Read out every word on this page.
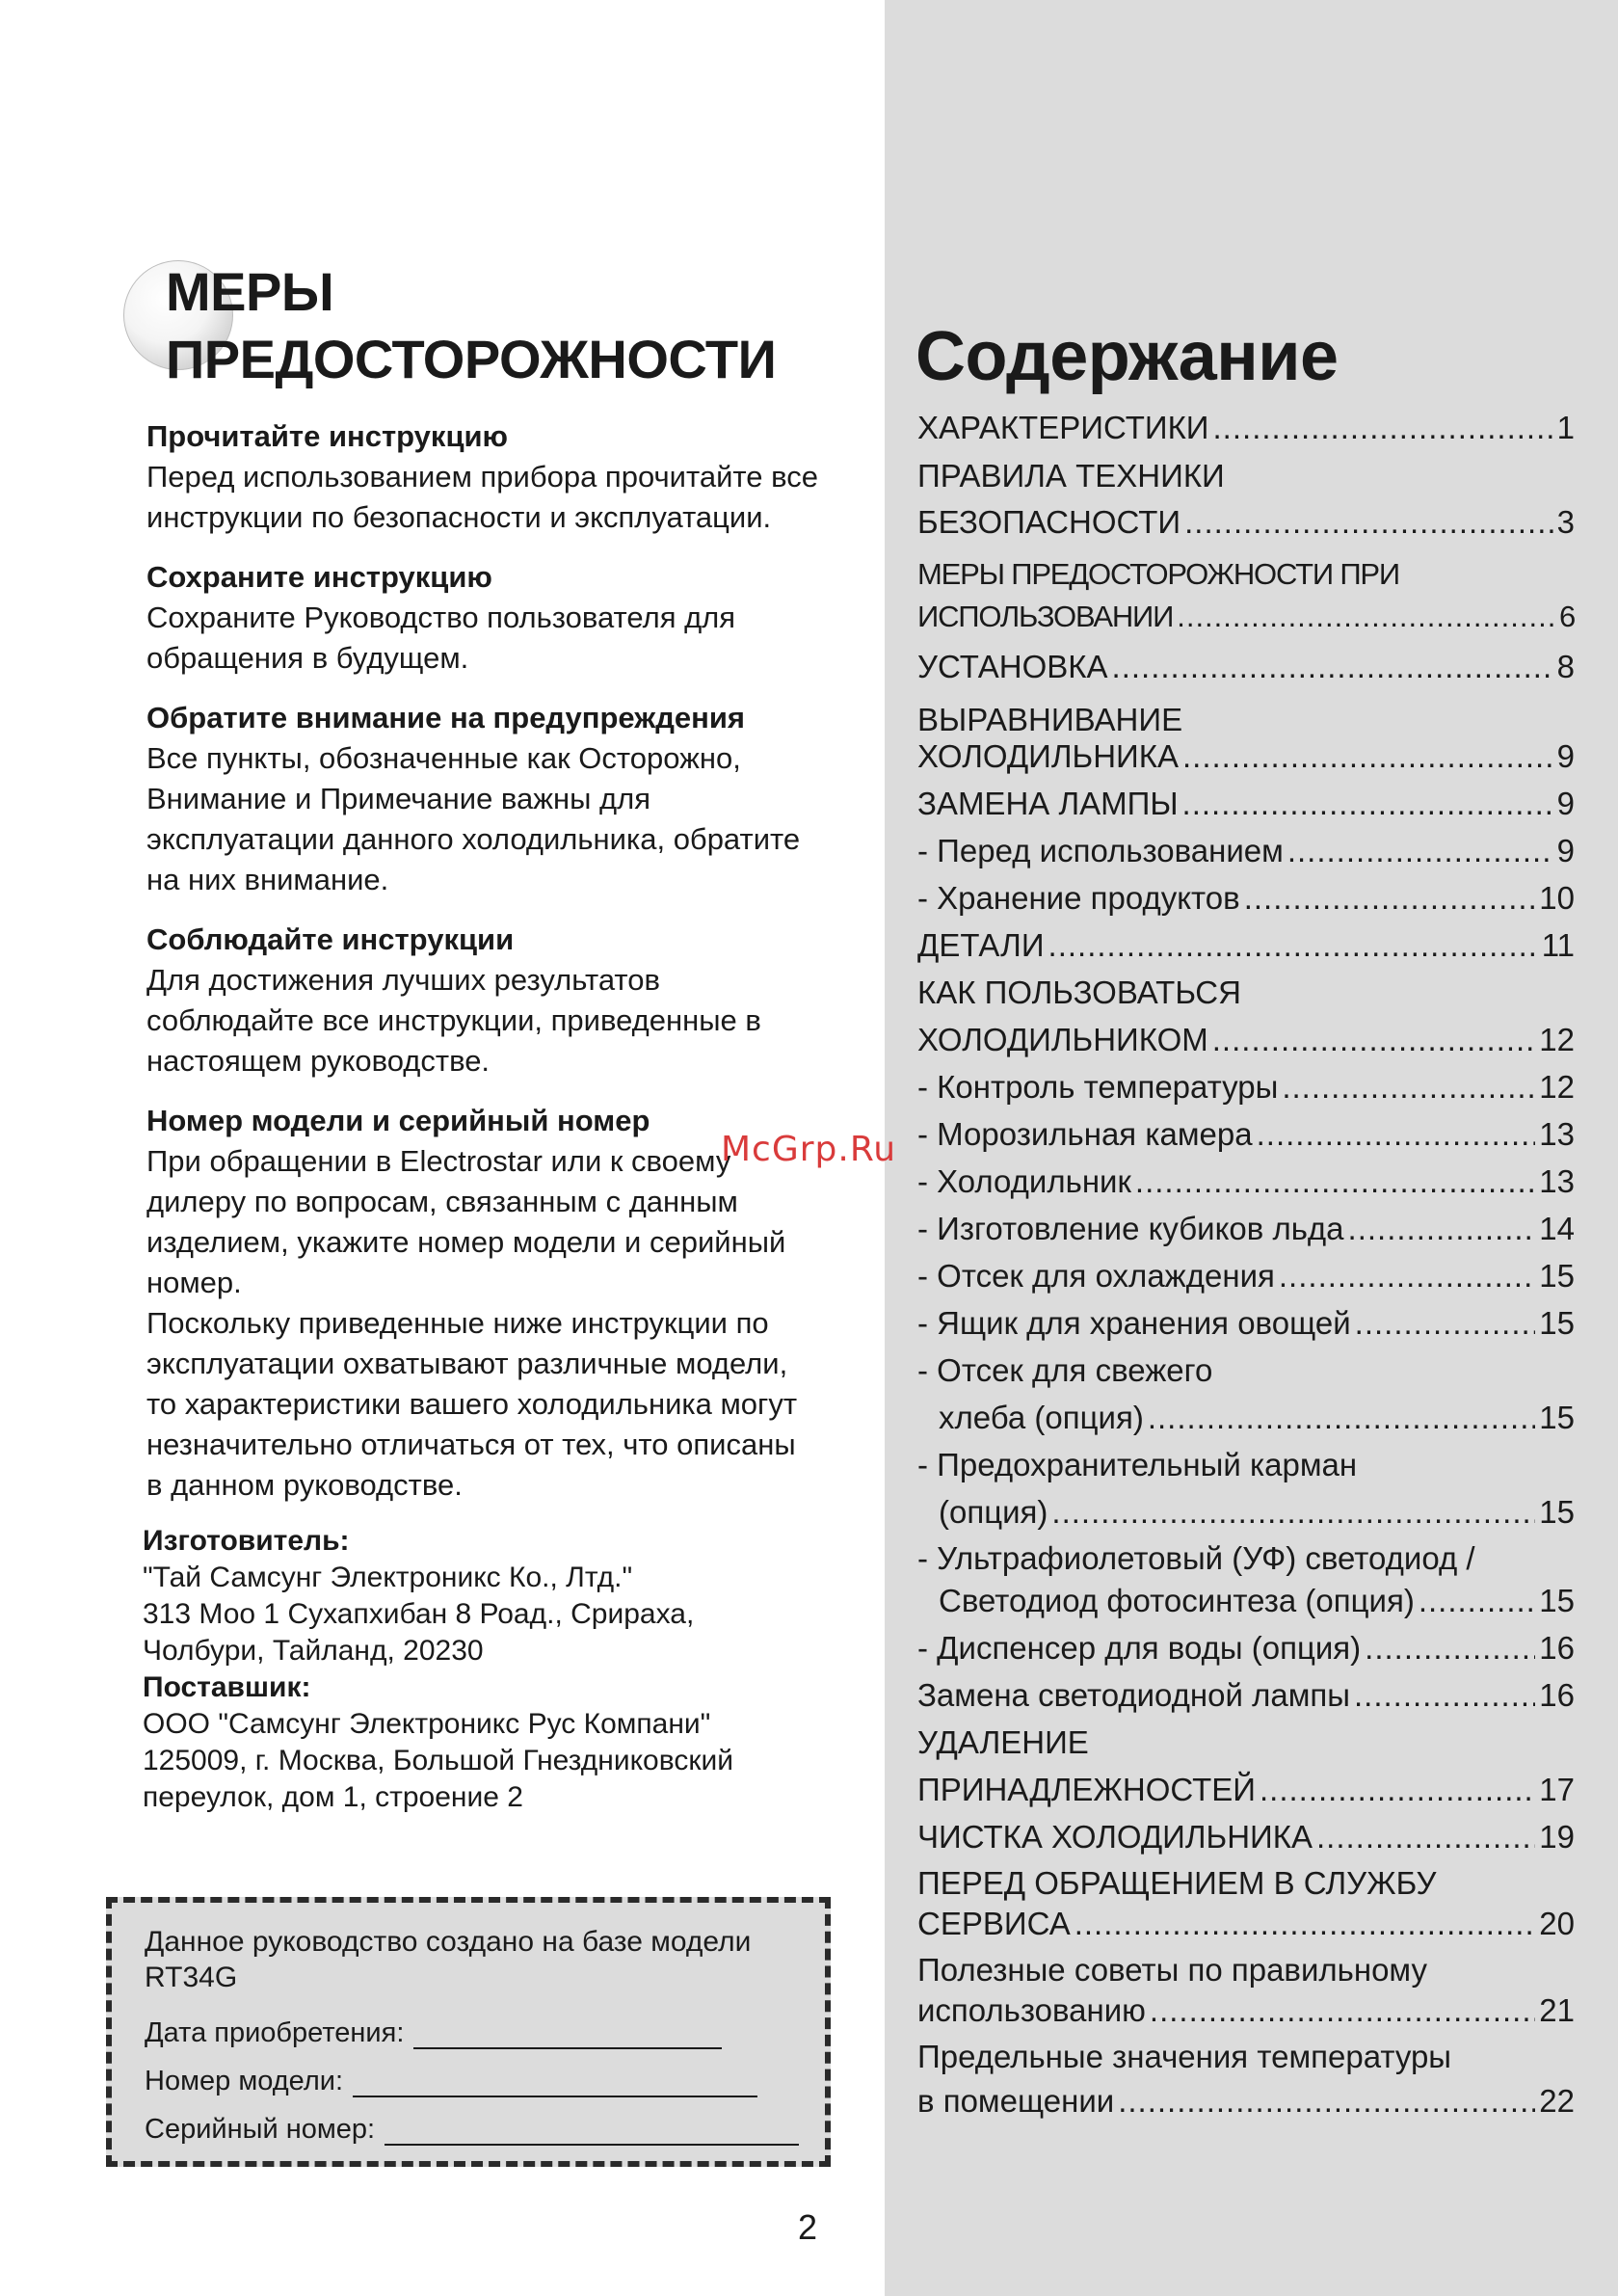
МЕРЫ
ПРЕДОСТОРОЖНОСТИ
Прочитайте инструкцию

Перед использованием прибора прочитайте все

инструкции по безопасности и эксплуатации.

Сохраните инструкцию

Сохраните Руководство пользователя для

обращения в будущем.

Обратите внимание на предупреждения

Все пункты, обозначенные как Осторожно,

Внимание и Примечание важны для

эксплуатации данного холодильника, обратите

на них внимание.

Соблюдайте инструкции

Для достижения лучших результатов

соблюдайте все инструкции, приведенные в

настоящем руководстве.

Номер модели и серийный номер

При обращении в Electrostar или к своему

дилеру по вопросам, связанным с данным

изделием, укажите номер модели и серийный

номер.

Поскольку приведенные ниже инструкции по

эксплуатации охватывают различные модели,

то характеристики вашего холодильника могут

незначительно отличаться от тех, что описаны

в данном руководстве.

Изготовитель:
"Тай Самсунг Электроникс Ко., Лтд."
313 Моо 1 Сухапхибан 8 Роад., Срираха,
Чолбури, Тайланд, 20230
Поставшик:
ООО "Самсунг Электроникс Рус Компани"
125009, г. Москва, Большой Гнездниковский
переулок, дом 1, строение 2
Данное руководство создано на базе модели
RT34G
Дата приобретения:
Номер модели:
Серийный номер:
2
McGrp.Ru
Содержание
ХАРАКТЕРИСТИКИ .....	1
ПРАВИЛА ТЕХНИКИ
БЕЗОПАСНОСТИ .....	3
МЕРЫ ПРЕДОСТОРОЖНОСТИ ПРИ
ИСПОЛЬЗОВАНИИ .....	6
УСТАНОВКА .....	8
ВЫРАВНИВАНИЕ
ХОЛОДИЛЬНИКА .....	9
ЗАМЕНА ЛАМПЫ .....	9
- Перед использованием .....	9
- Хранение продуктов .....	10
ДЕТАЛИ .....	11
КАК ПОЛЬЗОВАТЬСЯ
ХОЛОДИЛЬНИКОМ .....	12
- Контроль температуры .....	12
- Морозильная камера .....	13
- Холодильник .....	13
- Изготовление кубиков льда .....	14
- Отсек для охлаждения .....	15
- Ящик для хранения овощей .....	15
- Отсек для свежего
хлеба (опция) .....	15
- Предохранительный карман
(опция) .....	15
- Ультрафиолетовый (УФ) светодиод /
Светодиод фотосинтеза (опция) .....	15
- Диспенсер для воды (опция) .....	16
Замена светодиодной лампы .....	16
УДАЛЕНИЕ
ПРИНАДЛЕЖНОСТЕЙ .....	17
ЧИСТКА ХОЛОДИЛЬНИКА .....	19
ПЕРЕД ОБРАЩЕНИЕМ В СЛУЖБУ
СЕРВИСА .....	20
Полезные советы по правильному
использованию .....	21
Предельные значения температуры
в помещении .....	22
